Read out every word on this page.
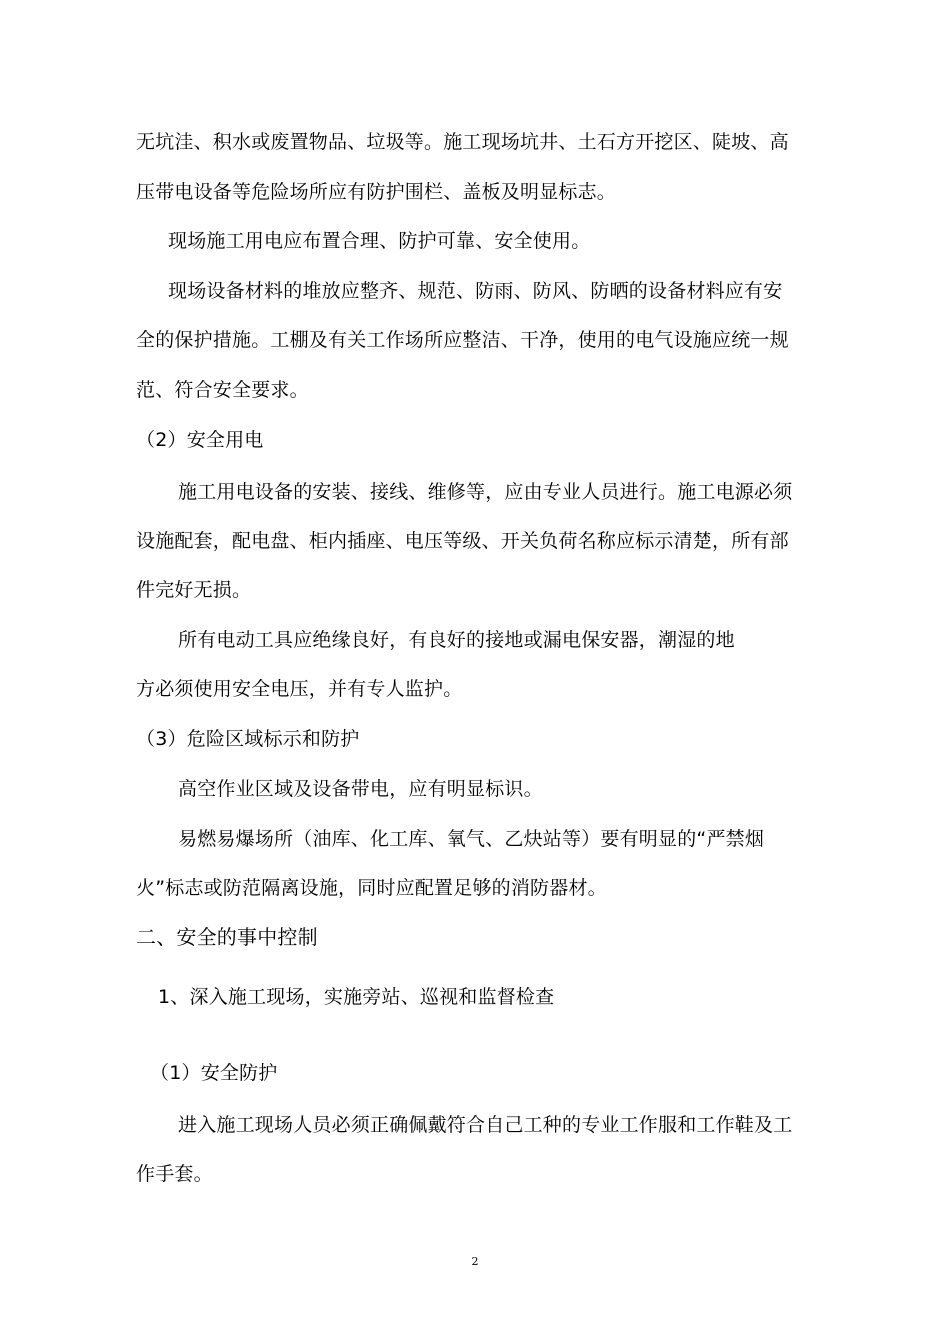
无坑洼、积水或废置物品、垃圾等。施工现场坑井、土石方开挖区、陡坡、高
压带电设备等危险场所应有防护围栏、盖板及明显标志。
现场施工用电应布置合理、防护可靠、安全使用。
现场设备材料的堆放应整齐、规范、防雨、防风、防晒的设备材料应有安
全的保护措施。工棚及有关工作场所应整洁、干净，使用的电气设施应统一规
范、符合安全要求。
（2）安全用电
施工用电设备的安装、接线、维修等，应由专业人员进行。施工电源必须
设施配套，配电盘、柜内插座、电压等级、开关负荷名称应标示清楚，所有部
件完好无损。
所有电动工具应绝缘良好，有良好的接地或漏电保安器，潮湿的地
方必须使用安全电压，并有专人监护。
（3）危险区域标示和防护
高空作业区域及设备带电，应有明显标识。
易燃易爆场所（油库、化工库、氧气、乙炔站等）要有明显的“严禁烟
火”标志或防范隔离设施，同时应配置足够的消防器材。
二、安全的事中控制
1、深入施工现场，实施旁站、巡视和监督检查
（1）安全防护
进入施工现场人员必须正确佩戴符合自己工种的专业工作服和工作鞋及工
作手套。
2
